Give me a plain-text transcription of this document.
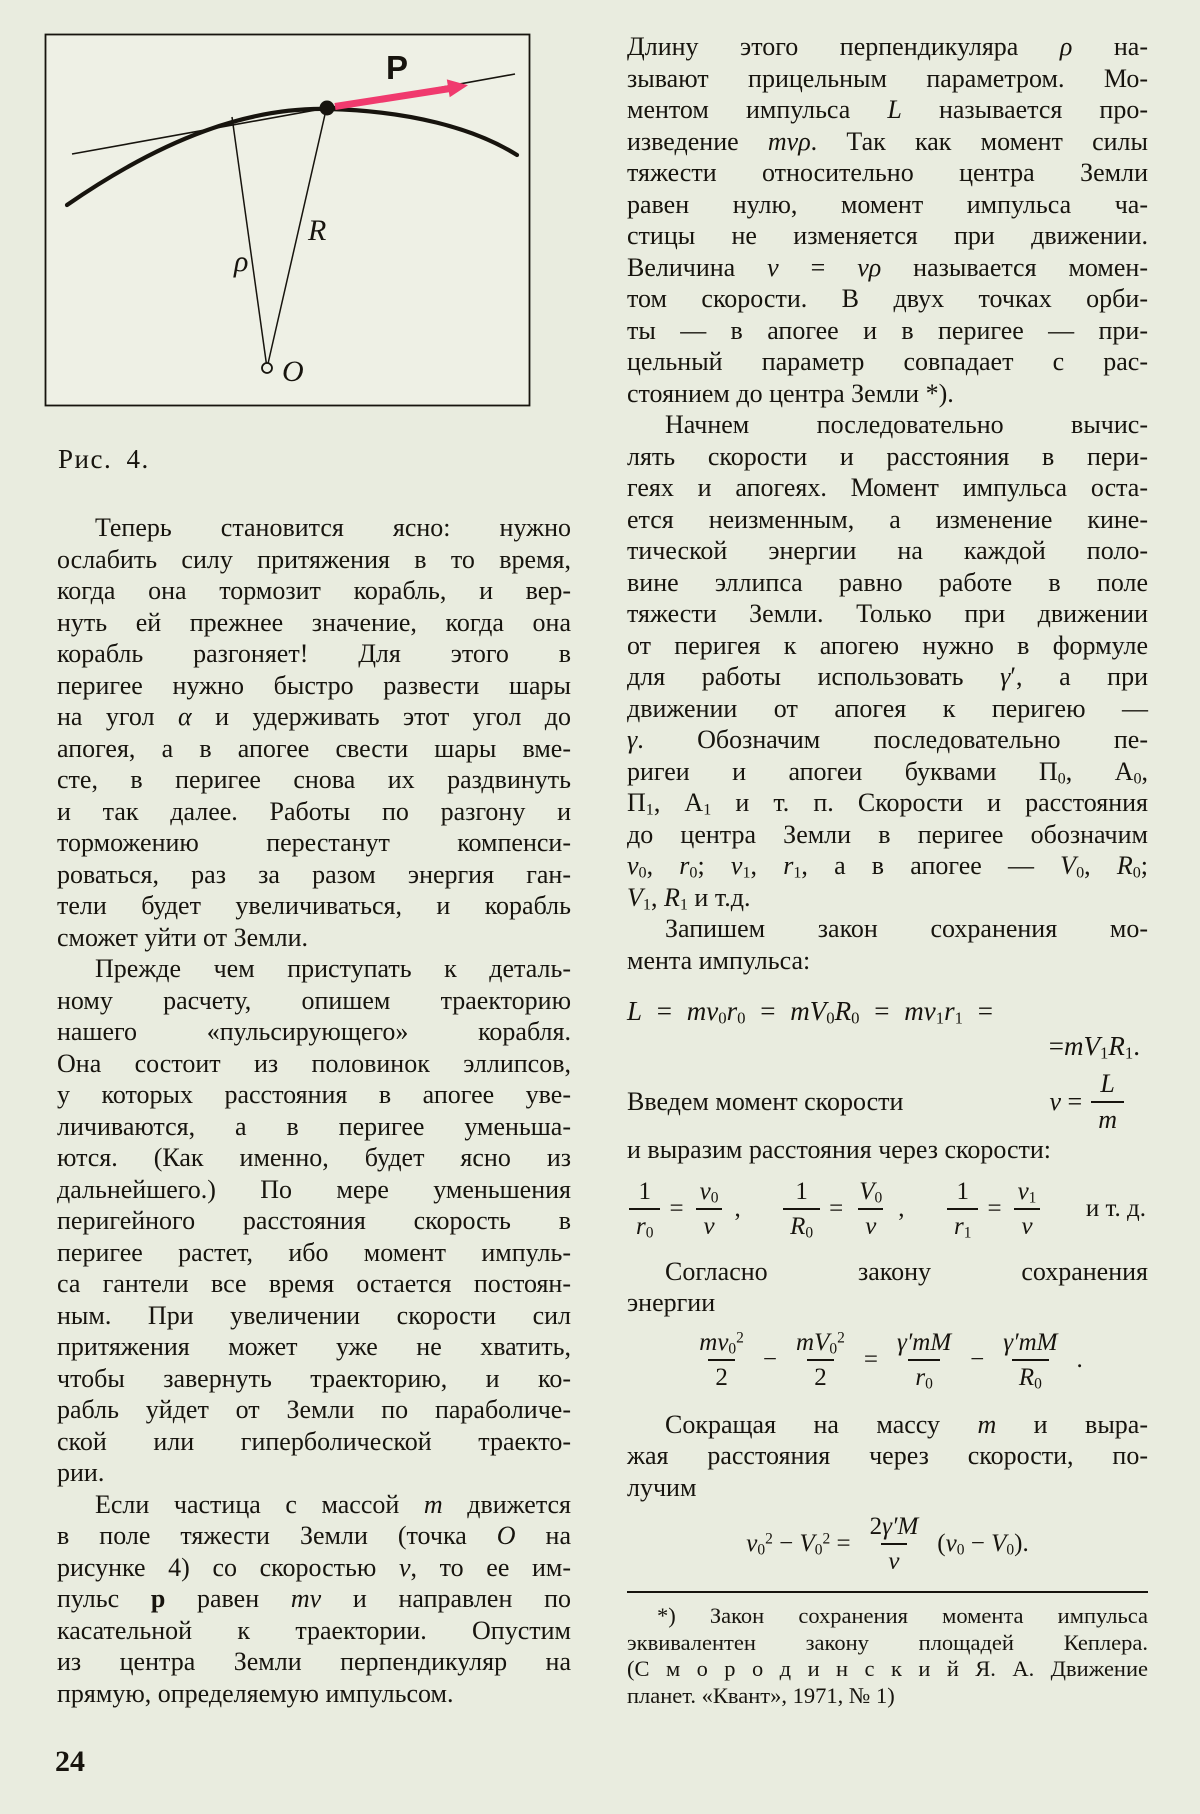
P
R
ρ
O
Рис. 4.
Теперь становится ясно: нужно
ослабить силу притяжения в то время,
когда она тормозит корабль, и вер-
нуть ей прежнее значение, когда она
корабль разгоняет! Для этого в
перигее нужно быстро развести шары
на угол α и удерживать этот угол до
апогея, а в апогее свести шары вме-
сте, в перигее снова их раздвинуть
и так далее. Работы по разгону и
торможению перестанут компенси-
роваться, раз за разом энергия ган-
тели будет увеличиваться, и корабль
сможет уйти от Земли.
Прежде чем приступать к деталь-
ному расчету, опишем траекторию
нашего «пульсирующего» корабля.
Она состоит из половинок эллипсов,
у которых расстояния в апогее уве-
личиваются, а в перигее уменьша-
ются. (Как именно, будет ясно из
дальнейшего.) По мере уменьшения
перигейного расстояния скорость в
перигее растет, ибо момент импуль-
са гантели все время остается постоян-
ным. При увеличении скорости сил
притяжения может уже не хватить,
чтобы завернуть траекторию, и ко-
рабль уйдет от Земли по параболиче-
ской или гиперболической траекто-
рии.
Если частица с массой m движется
в поле тяжести Земли (точка O на
рисунке 4) со скоростью v, то ее им-
пульс p равен mv и направлен по
касательной к траектории. Опустим
из центра Земли перпендикуляр на
прямую, определяемую импульсом.
Длину этого перпендикуляра ρ на-
зывают прицельным параметром. Мо-
ментом импульса L называется про-
изведение mvρ. Так как момент силы
тяжести относительно центра Земли
равен нулю, момент импульса ча-
стицы не изменяется при движении.
Величина ν = vρ называется момен-
том скорости. В двух точках орби-
ты — в апогее и в перигее — при-
цельный параметр совпадает с рас-
стоянием до центра Земли *).
Начнем последовательно вычис-
лять скорости и расстояния в пери-
геях и апогеях. Момент импульса оста-
ется неизменным, а изменение кине-
тической энергии на каждой поло-
вине эллипса равно работе в поле
тяжести Земли. Только при движении
от перигея к апогею нужно в формуле
для работы использовать γ′, а при
движении от апогея к перигею —
γ. Обозначим последовательно пе-
ригеи и апогеи буквами $П_0$, $А_0$,
$П_1$, $А_1$ и т. п. Скорости и расстояния
до центра Земли в перигее обозначим
$v_0$, $r_0$; $v_1$, $r_1$, а в апогее — $V_0$, $R_0$;
$V_1$, $R_1$ и т.д.
Запишем закон сохранения мо-
мента импульса:
$L = mv_0r_0 = mV_0R_0 = mv_1r_1$ =
$=mV_1R_1$.
Введем момент скорости	$\nu = \frac{L}{m}$
и выразим расстояния через скорости:
$\frac{1}{r_0} = \frac{v_0}{\nu}$ , $\frac{1}{R_0} = \frac{V_0}{\nu}$ , $\frac{1}{r_1} = \frac{v_1}{\nu}$ и т. д.
Согласно закону сохранения
энергии
$\frac{mv_0^2}{2} - \frac{mV_0^2}{2} = \frac{\gamma'mM}{r_0} - \frac{\gamma'mM}{R_0}$ .
Сокращая на массу m и выра-
жая расстояния через скорости, по-
лучим
$v_0^2 - V_0^2 = \frac{2\gamma'M}{\nu} (v_0 - V_0)$.
*) Закон сохранения момента импульса
эквивалентен закону площадей Кеплера.
(С м о р о д и н с к и й Я. А. Движение
планет. «Квант», 1971, № 1)
24
